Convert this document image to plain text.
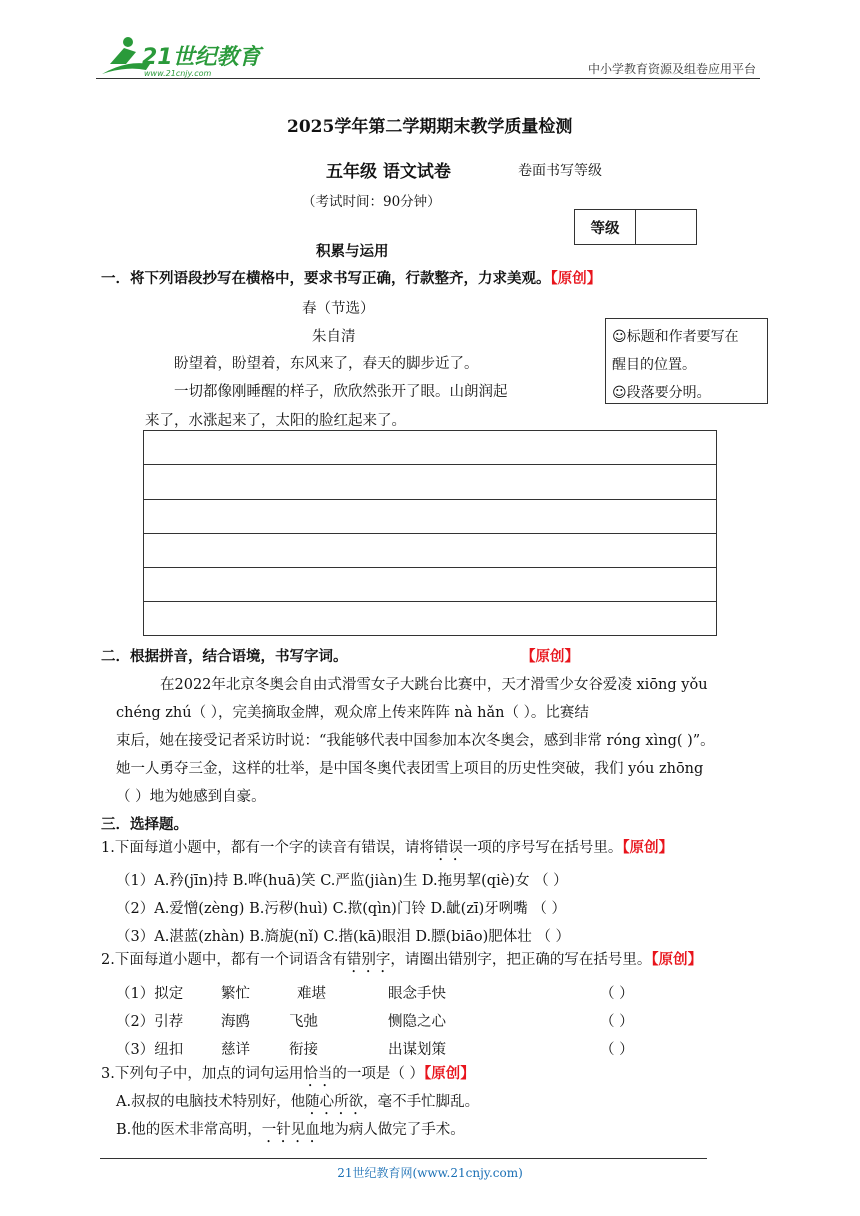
21世纪教育
www.21cnjy.com	中小学教育资源及组卷应用平台
2025学年第二学期期末教学质量检测
五年级 语文试卷	卷面书写等级
（考试时间：90分钟）
等级
积累与运用
一．将下列语段抄写在横格中，要求书写正确，行款整齐，力求美观。【原创】
春（节选）
朱自清
盼望着，盼望着，东风来了，春天的脚步近了。
一切都像刚睡醒的样子，欣欣然张开了眼。山朗润起
来了，水涨起来了，太阳的脸红起来了。
☺标题和作者要写在
醒目的位置。
☺段落要分明。
二．根据拼音，结合语境，书写字词。	【原创】
在2022年北京冬奥会自由式滑雪女子大跳台比赛中，天才滑雪少女谷爱凌 xiōng yǒu
chéng zhú（ ），完美摘取金牌，观众席上传来阵阵 nà hǎn（ ）。比赛结
束后，她在接受记者采访时说：“我能够代表中国参加本次冬奥会，感到非常 róng xìng( )”。
她一人勇夺三金，这样的壮举，是中国冬奥代表团雪上项目的历史性突破，我们 yóu zhōng
（ ）地为她感到自豪。
三．选择题。
1.下面每道小题中，都有一个字的读音有错误，请将错误一项的序号写在括号里。【原创】
（1）A.矜(jīn)持 B.哗(huā)笑 C.严监(jiàn)生 D.拖男挈(qiè)女 （ ）
（2）A.爱憎(zèng) B.污秽(huì) C.揿(qìn)门铃 D.龇(zī)牙咧嘴 （ ）
（3）A.湛蓝(zhàn) B.旖旎(nǐ) C.揩(kā)眼泪 D.膘(biāo)肥体壮 （ ）
2.下面每道小题中，都有一个词语含有错别字，请圈出错别字，把正确的写在括号里。【原创】
（1）拟定	繁忙	难堪	眼念手快	（ ）
（2）引荐	海鸥	飞弛	恻隐之心	（ ）
（3）纽扣	慈详	衔接	出谋划策	（ ）
3.下列句子中，加点的词句运用恰当的一项是（ ）【原创】
A.叔叔的电脑技术特别好，他随心所欲，毫不手忙脚乱。
B.他的医术非常高明，一针见血地为病人做完了手术。
21世纪教育网(www.21cnjy.com)
